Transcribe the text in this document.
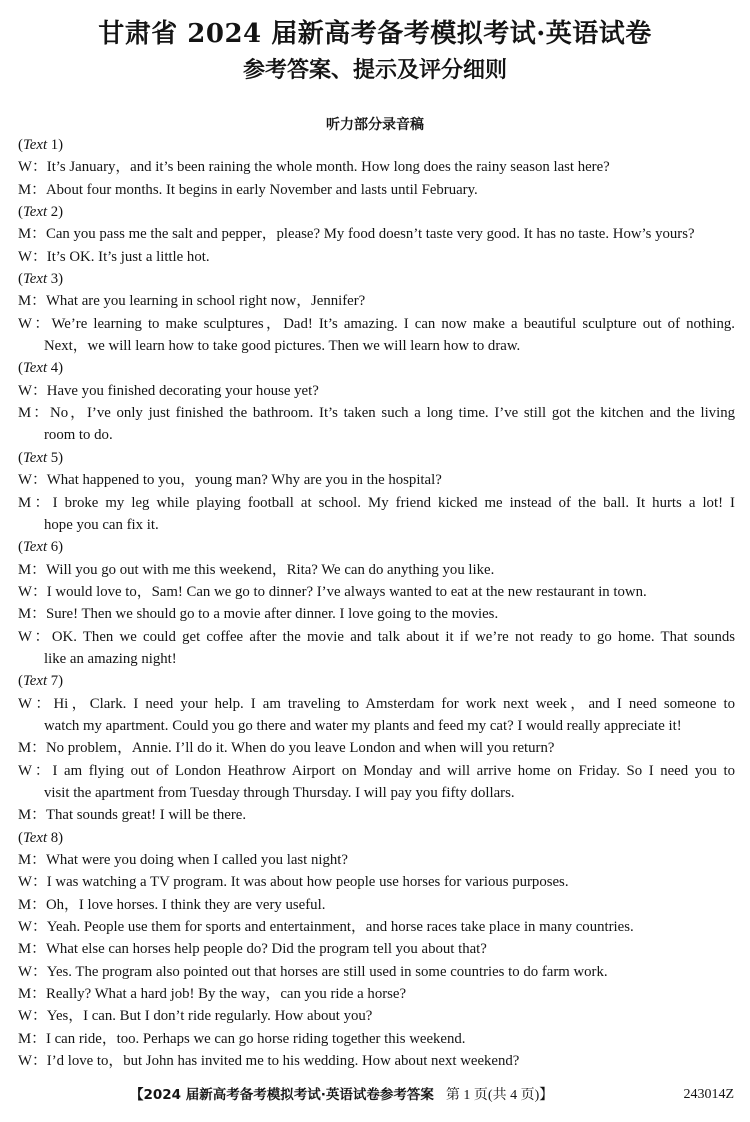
甘肃省 2024 届新高考备考模拟考试·英语试卷
参考答案、提示及评分细则
听力部分录音稿
(Text 1)
W：It’s January，and it’s been raining the whole month. How long does the rainy season last here?
M：About four months. It begins in early November and lasts until February.
(Text 2)
M：Can you pass me the salt and pepper，please? My food doesn’t taste very good. It has no taste. How’s yours?
W：It’s OK. It’s just a little hot.
(Text 3)
M：What are you learning in school right now，Jennifer?
W：We’re learning to make sculptures，Dad! It’s amazing. I can now make a beautiful sculpture out of nothing.
Next，we will learn how to take good pictures. Then we will learn how to draw.
(Text 4)
W：Have you finished decorating your house yet?
M：No，I’ve only just finished the bathroom. It’s taken such a long time. I’ve still got the kitchen and the living
room to do.
(Text 5)
W：What happened to you，young man? Why are you in the hospital?
M：I broke my leg while playing football at school. My friend kicked me instead of the ball. It hurts a lot! I
hope you can fix it.
(Text 6)
M：Will you go out with me this weekend，Rita? We can do anything you like.
W：I would love to，Sam! Can we go to dinner? I’ve always wanted to eat at the new restaurant in town.
M：Sure! Then we should go to a movie after dinner. I love going to the movies.
W：OK. Then we could get coffee after the movie and talk about it if we’re not ready to go home. That sounds
like an amazing night!
(Text 7)
W：Hi，Clark. I need your help. I am traveling to Amsterdam for work next week，and I need someone to
watch my apartment. Could you go there and water my plants and feed my cat? I would really appreciate it!
M：No problem，Annie. I’ll do it. When do you leave London and when will you return?
W：I am flying out of London Heathrow Airport on Monday and will arrive home on Friday. So I need you to
visit the apartment from Tuesday through Thursday. I will pay you fifty dollars.
M：That sounds great! I will be there.
(Text 8)
M：What were you doing when I called you last night?
W：I was watching a TV program. It was about how people use horses for various purposes.
M：Oh，I love horses. I think they are very useful.
W：Yeah. People use them for sports and entertainment，and horse races take place in many countries.
M：What else can horses help people do? Did the program tell you about that?
W：Yes. The program also pointed out that horses are still used in some countries to do farm work.
M：Really? What a hard job! By the way，can you ride a horse?
W：Yes，I can. But I don’t ride regularly. How about you?
M：I can ride，too. Perhaps we can go horse riding together this weekend.
W：I’d love to，but John has invited me to his wedding. How about next weekend?
【2024 届新高考备考模拟考试·英语试卷参考答案 第 1 页(共 4 页)】	243014Z
